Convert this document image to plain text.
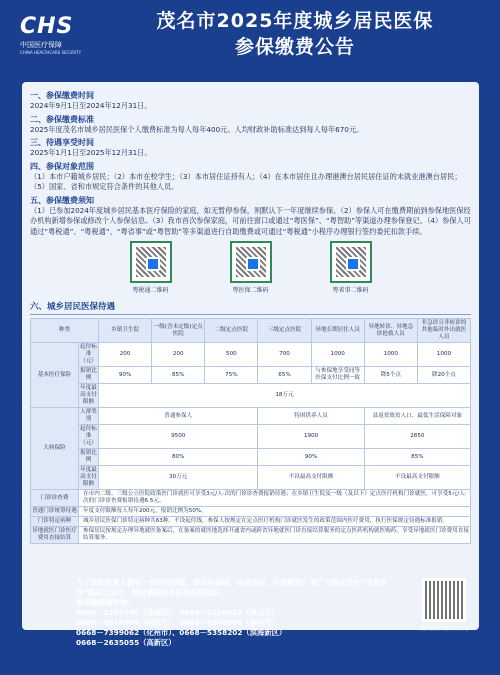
CHS
中国医疗保障
CHINA HEALTHCARE SECURITY
茂名市2025年度城乡居民医保
参保缴费公告
一、参保缴费时间
2024年9月1日至2024年12月31日。
二、参保缴费标准
2025年度茂名市城乡居民医保个人缴费标准为每人每年400元。人均财政补助标准达到每人每年670元。
三、待遇享受时间
2025年1月1日至2025年12月31日。
四、参保对象范围
（1）本市户籍城乡居民；（2）本市在校学生；（3）本市居住证持有人；（4）在本市居住且办理港澳台居民居住证的未就业港澳台居民；（5）国家、省和市规定符合条件的其他人员。
五、参保缴费须知
（1）已参加2024年度城乡居民基本医疗保险的家庭，如无暂停参保，则默认下一年度继续参保。（2）参保人可在缴费期前到参保地医保经办机构新增参保或修改个人参保信息。（3）我市首次参保家庭，可前往窗口或通过“粤医保”、“粤智助”等渠道办理参保登记。（4）参保人可通过“粤税通”、“粤税通”、“粤省事”或“粤智助”等多渠道进行自助缴费或可通过“粤税通”小程序办理银行签约委托扣款手续。
粤税通二维码	粤医保二维码	粤省事二维码
六、城乡居民医保待遇
种类		乡镇卫生院	一级(含未定级)定点医院	二级定点医院	三级定点医院	异地长期居住人员	异地转诊、异地急诊抢救人员	非急诊且非转诊的其他临时外出就医人员
基本医疗保险	起付标准（元）	200	200	500	700	1000	1000	1000
	报销比例	90%	85%	75%	65%	与参保地享受同等医保支付比例一致	降5个点	降20个点
	年度最高支付限额	18万元						
大病保险	人群类别	普通参保人			特困供养人员		县返贫致贫人口、最低生活保障对象	
	起付标准（元）	9500			1900		2850	
	报销比例	80%			90%		85%	
	年度最高支付限额	30万元			不设最高支付限额		不设最高支付限额	
门诊诊查费	在市内二级、三级公立医院政策医门诊就医可享受3元/人·次的门诊诊查费报销待遇；在乡镇卫生院及一级（及以下）定点医疗机构门诊就医，可享受5元/人·次的门诊诊查费报销待遇6.5元。							
普通门诊统筹待遇	年度支付限额每人每年200元，报销比例为50%。							
门诊特定病种	城乡居民医保门诊特定病种共63种。不设起付线，参保人按规定在定点医疗机构门诊就医发生的政策范围内医疗费用，执行医保规定待遇标准报销。							
异地就医门诊医疗费用直接结算	参保居民按规定办理异地就医备案后，在备案的就医地选择开通省内或跨省异地就医门诊直接结算服务的定点医药机构就医购药，享受异地就医门诊费用直接结算服务。							
为了您和您家人拥有一份医疗保障，请及时参保、连续参保、不要断保！请广大群众关注“茂名医保”微信公众号，随时掌握茂名医保政策知识。
参保缴费请咨询：
0668－2155790（茂南区）、0668－5118023（电白区）
0668－8816869（信宜市）、0668－6676909（高州市）
0668－7399062（化州市）、0668－5358202（滨海新区）
0668－2635055（高新区）
茂名医保微信公众号
